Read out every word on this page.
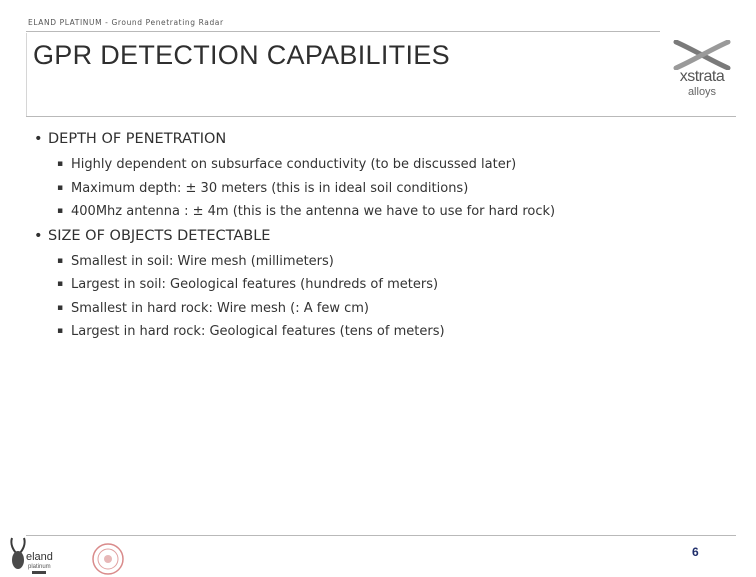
ELAND PLATINUM - Ground Penetrating Radar
GPR DETECTION CAPABILITIES
xstrata
alloys
• DEPTH OF PENETRATION
▪ Highly dependent on subsurface conductivity (to be discussed later)
▪ Maximum depth: ± 30 meters (this is in ideal soil conditions)
▪ 400Mhz antenna : ± 4m (this is the antenna we have to use for hard rock)
• SIZE OF OBJECTS DETECTABLE
▪ Smallest in soil: Wire mesh (millimeters)
▪ Largest in soil: Geological features (hundreds of meters)
▪ Smallest in hard rock: Wire mesh (: A few cm)
▪ Largest in hard rock: Geological features (tens of meters)
eland
platinum
6
